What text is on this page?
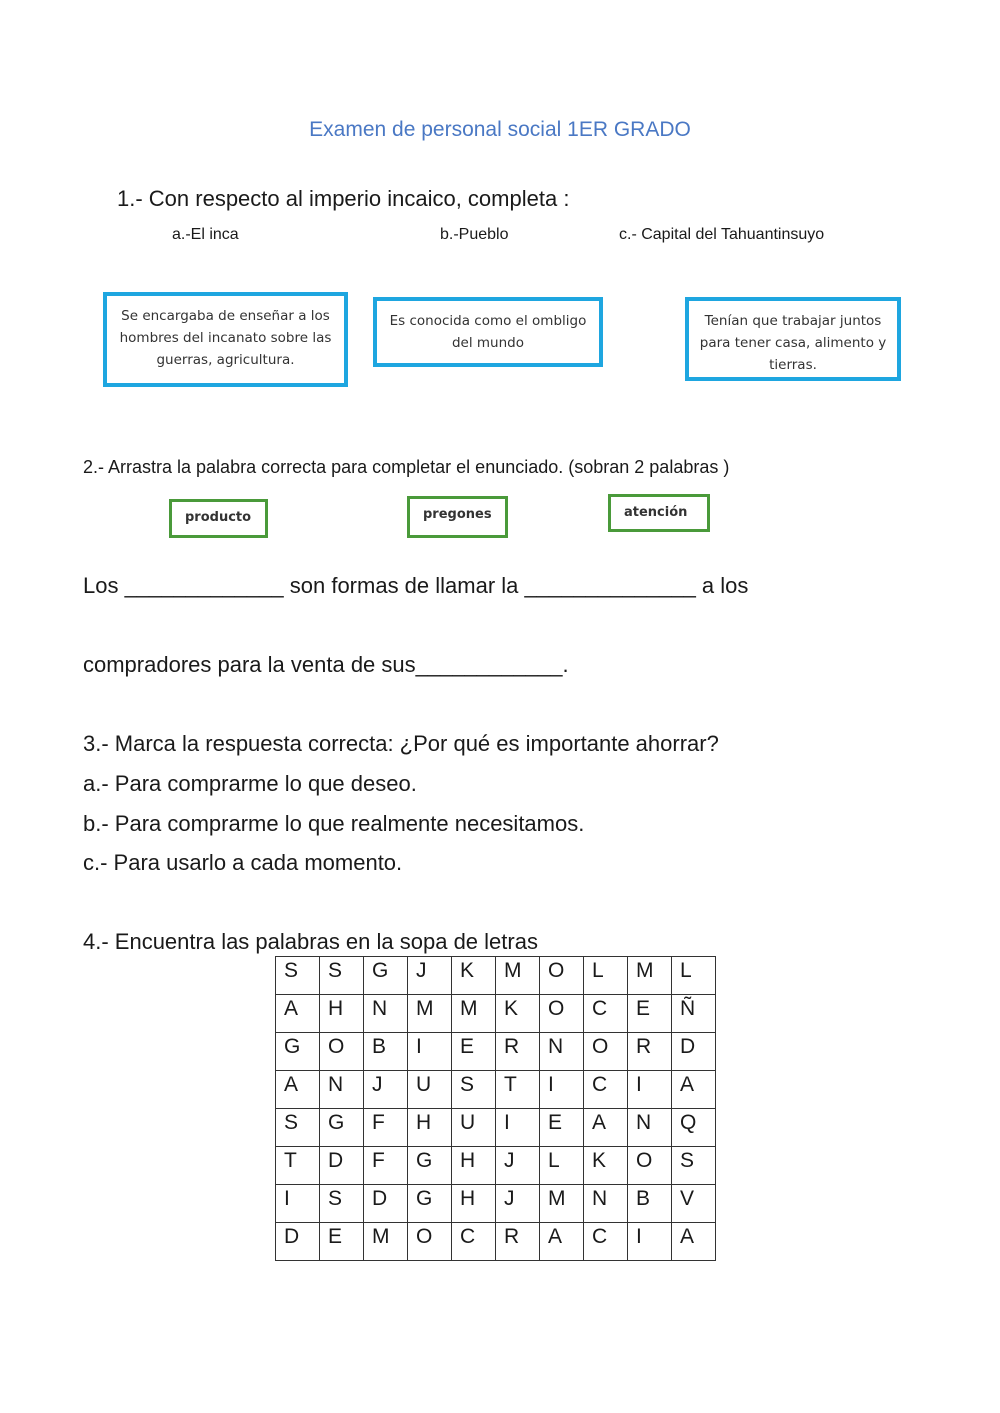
Examen de personal social 1ER GRADO

1.- Con respecto al imperio incaico, completa :

a.-El inca	b.-Pueblo	c.- Capital del Tahuantinsuyo

Se encargaba de enseñar a los hombres del incanato sobre las guerras, agricultura.
Es conocida como el ombligo del mundo
Tenían que trabajar juntos para tener casa, alimento y tierras.

2.- Arrastra la palabra correcta para completar el enunciado. (sobran 2 palabras )

producto	pregones	atención

Los _____________ son formas de llamar la ______________ a los

compradores para la venta de sus____________.

3.- Marca la respuesta correcta: ¿Por qué es importante ahorrar?

a.- Para comprarme lo que deseo.

b.- Para comprarme lo que realmente necesitamos.

c.- Para usarlo a cada momento.

4.- Encuentra las palabras en la sopa de letras

S	S	G	J	K	M	O	L	M	L
A	H	N	M	M	K	O	C	E	Ñ
G	O	B	I	E	R	N	O	R	D
A	N	J	U	S	T	I	C	I	A
S	G	F	H	U	I	E	A	N	Q
T	D	F	G	H	J	L	K	O	S
I	S	D	G	H	J	M	N	B	V
D	E	M	O	C	R	A	C	I	A
